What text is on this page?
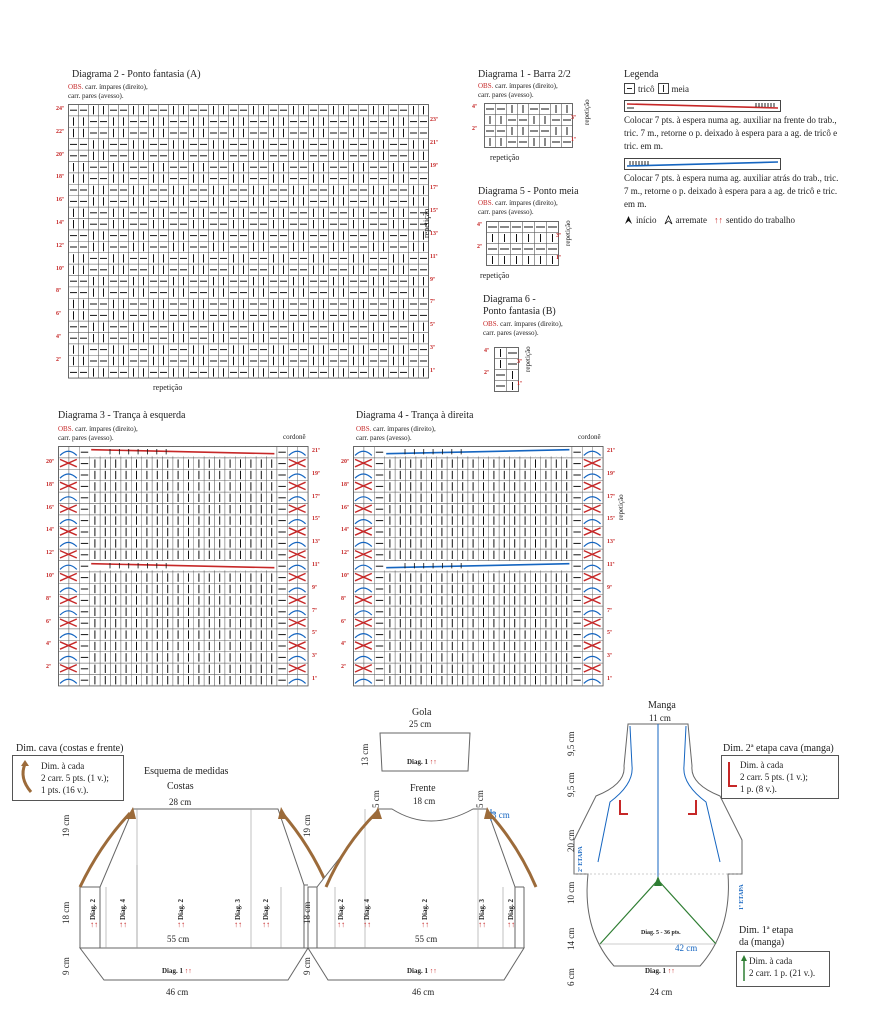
Diagrama 2 - Ponto fantasia (A)
OBS. carr. ímpares (direito),
carr. pares (avesso).
24ª
22ª
20ª
18ª
16ª
14ª
12ª
10ª
8ª
6ª
4ª
2ª
23ª
21ª
19ª
17ª
15ª
13ª
11ª
9ª
7ª
5ª
3ª
1ª
repetição
repetição
Diagrama 1 - Barra 2/2
OBS. carr. ímpares (direito),
carr. pares (avesso).
4ª
2ª
3ª
1ª
repetição
repetição
Diagrama 5 - Ponto meia
OBS. carr. ímpares (direito),
carr. pares (avesso).
4ª
2ª
3ª
1ª
repetição
repetição
Diagrama 6 -
Ponto fantasia (B)
OBS. carr. ímpares (direito),
carr. pares (avesso).
4ª
2ª
3ª
1ª
repetição
Legenda
tricô meia
Colocar 7 pts. à espera numa ag. auxiliar na frente do trab., tric. 7 m., retorne o p. deixado à espera para a ag. de tricô e tric. em m.
Colocar 7 pts. à espera numa ag. auxiliar atrás do trab., tric. 7 m., retorne o p. deixado à espera para a ag. de tricô e tric. em m.
início arremate ↑↑ sentido do trabalho
Diagrama 3 - Trança à esquerda
OBS. carr. ímpares (direito),
carr. pares (avesso).	cordonê
20ª
18ª
16ª
14ª
12ª
10ª
8ª
6ª
4ª
2ª
21ª
19ª
17ª
15ª
13ª
11ª
9ª
7ª
5ª
3ª
1ª
Diagrama 4 - Trança à direita
OBS. carr. ímpares (direito),
carr. pares (avesso).	cordonê
20ª
18ª
16ª
14ª
12ª
10ª
8ª
6ª
4ª
2ª
21ª
19ª
17ª
15ª
13ª
11ª
9ª
7ª
5ª
3ª
1ª
repetição
Dim. cava (costas e frente)
Dim. à cada
2 carr. 5 pts. (1 v.);
1 pts. (16 v.).
Esquema de medidas
Costas
28 cm
19 cm
18 cm
9 cm
Diag. 2	Diag. 4	Diag. 2	Diag. 3	Diag. 2
↑↑	↑↑	↑↑	↑↑	↑↑
55 cm
Diag. 1 ↑↑
46 cm
Gola
25 cm
13 cm	Diag. 1 ↑↑
Frente
18 cm
5 cm	5 cm
3 cm
19 cm
18 cm
9 cm
Diag. 2	Diag. 4	Diag. 2	Diag. 3	Diag. 2
↑↑ ↑↑	↑↑	↑↑	↑↑
55 cm
Diag. 1 ↑↑
46 cm
Manga
11 cm
9,5 cm
9,5 cm
20 cm
10 cm
14 cm
6 cm
2ª ETAPA
1ª ETAPA
Diag. 5 - 36 pts.
42 cm
Diag. 1 ↑↑
24 cm
Dim. 2ª etapa cava (manga)
Dim. à cada
2 carr. 5 pts. (1 v.);
1 p. (8 v.).
Dim. 1ª etapa
da (manga)
Dim. à cada
2 carr. 1 p. (21 v.).
